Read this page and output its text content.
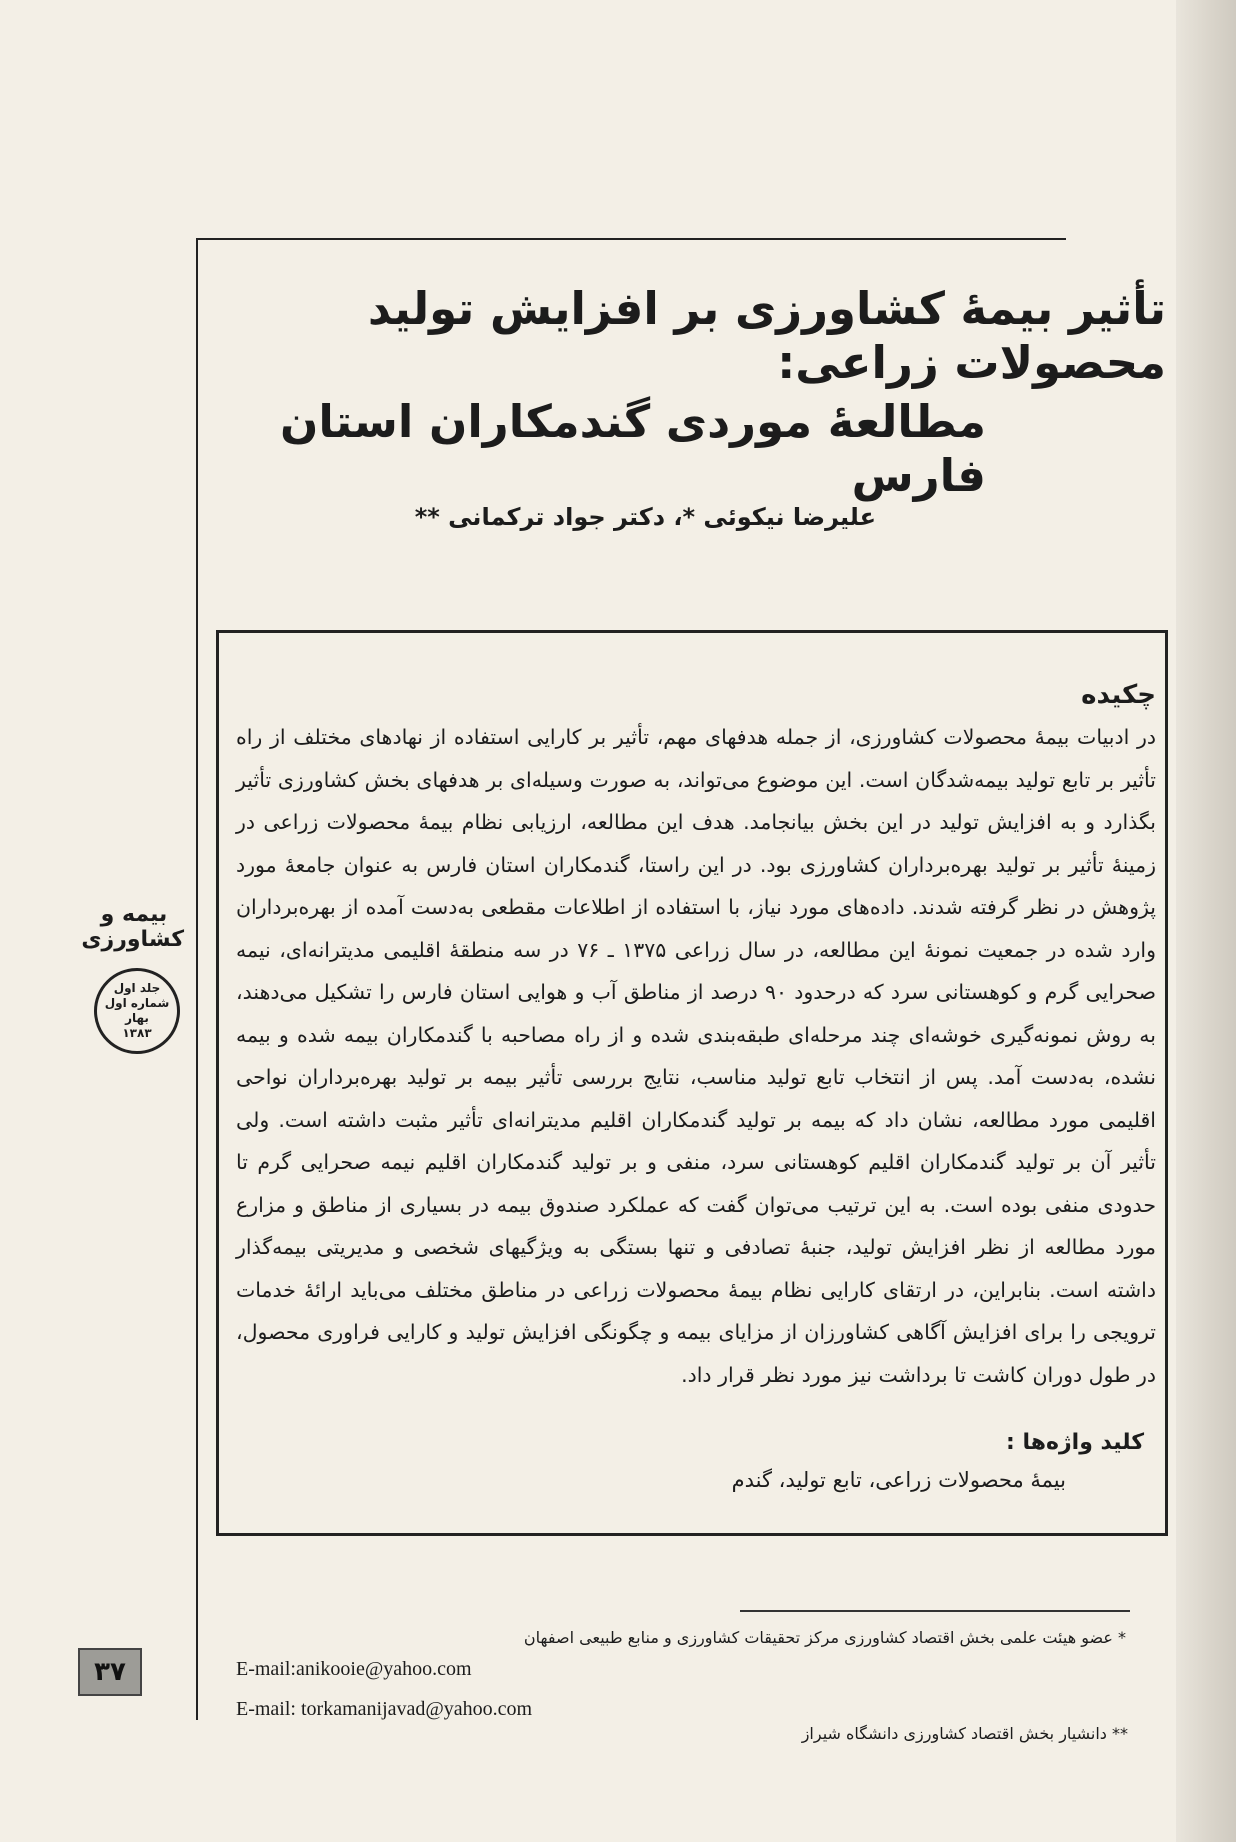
تأثیر بیمهٔ کشاورزی بر افزایش تولید محصولات زراعی:
مطالعهٔ موردی گندمکاران استان فارس
علیرضا نیکوئی *، دکتر جواد ترکمانی **
چکیده
در ادبیات بیمهٔ محصولات کشاورزی، از جمله هدفهای مهم، تأثیر بر کارایی استفاده از نهادهای مختلف از راه تأثیر بر تابع تولید بیمه‌شدگان است. این موضوع می‌تواند، به صورت وسیله‌ای بر هدفهای بخش کشاورزی تأثیر بگذارد و به افزایش تولید در این بخش بیانجامد. هدف این مطالعه، ارزیابی نظام بیمهٔ محصولات زراعی در زمینهٔ تأثیر بر تولید بهره‌برداران کشاورزی بود. در این راستا، گندمکاران استان فارس به عنوان جامعهٔ مورد پژوهش در نظر گرفته شدند. داده‌های مورد نیاز، با استفاده از اطلاعات مقطعی به‌دست آمده از بهره‌برداران وارد شده در جمعیت نمونهٔ این مطالعه، در سال زراعی ۱۳۷۵ ـ ۷۶ در سه منطقهٔ اقلیمی مدیترانه‌ای، نیمه صحرایی گرم و کوهستانی سرد که درحدود ۹۰ درصد از مناطق آب و هوایی استان فارس را تشکیل می‌دهند، به روش نمونه‌گیری خوشه‌ای چند مرحله‌ای طبقه‌بندی شده و از راه مصاحبه با گندمکاران بیمه شده و بیمه نشده، به‌دست آمد. پس از انتخاب تابع تولید مناسب، نتایج بررسی تأثیر بیمه بر تولید بهره‌برداران نواحی اقلیمی مورد مطالعه، نشان داد که بیمه بر تولید گندمکاران اقلیم مدیترانه‌ای تأثیر مثبت داشته است. ولی تأثیر آن بر تولید گندمکاران اقلیم کوهستانی سرد، منفی و بر تولید گندمکاران اقلیم نیمه صحرایی گرم تا حدودی منفی بوده است. به این ترتیب می‌توان گفت که عملکرد صندوق بیمه در بسیاری از مناطق و مزارع مورد مطالعه از نظر افزایش تولید، جنبهٔ تصادفی و تنها بستگی به ویژگیهای شخصی و مدیریتی بیمه‌گذار داشته است. بنابراین، در ارتقای کارایی نظام بیمهٔ محصولات زراعی در مناطق مختلف می‌باید ارائهٔ خدمات ترویجی را برای افزایش آگاهی کشاورزان از مزایای بیمه و چگونگی افزایش تولید و کارایی فراوری محصول، در طول دوران کاشت تا برداشت نیز مورد نظر قرار داد.
کلید واژه‌ها :
بیمهٔ محصولات زراعی، تابع تولید، گندم
بیمه و کشاورزی
جلد اول
شماره اول
بهار
۱۳۸۳
* عضو هیئت علمی بخش اقتصاد کشاورزی مرکز تحقیقات کشاورزی و منابع طبیعی اصفهان
E-mail:anikooie@yahoo.com
E-mail: torkamanijavad@yahoo.com
** دانشیار بخش اقتصاد کشاورزی دانشگاه شیراز
۳۷
